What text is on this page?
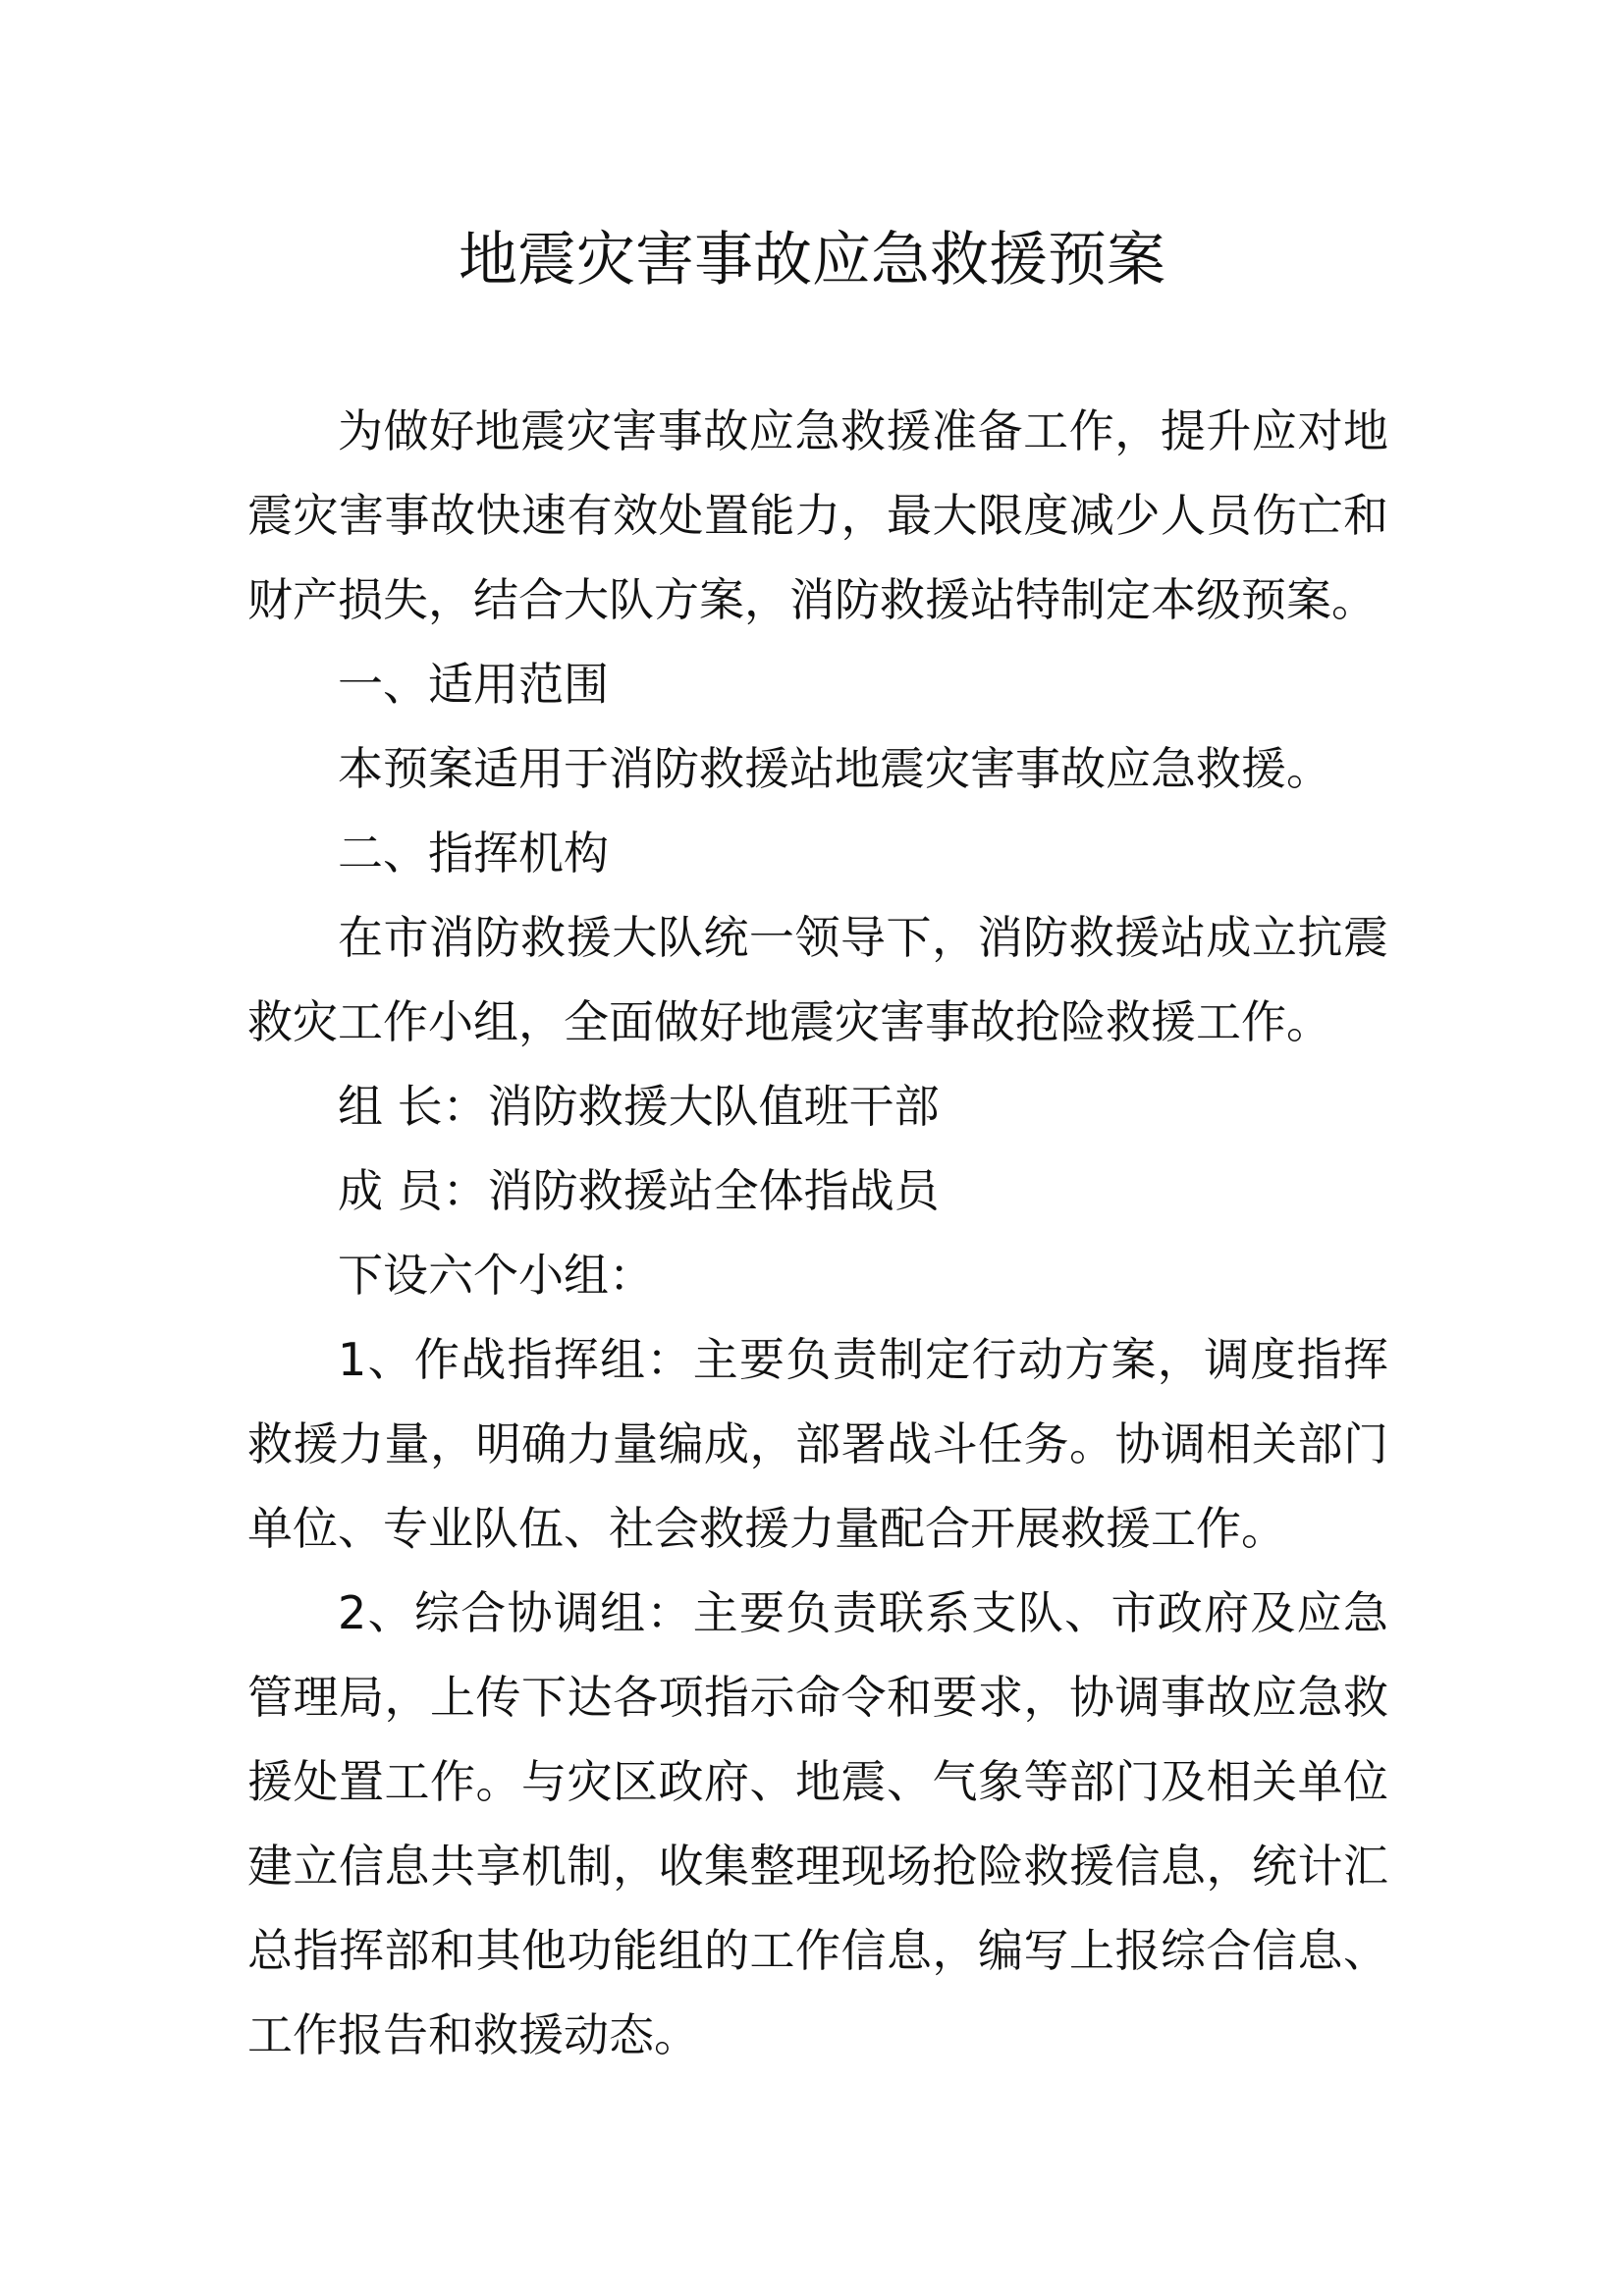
地震灾害事故应急救援预案

为做好地震灾害事故应急救援准备工作，提升应对地震灾害事故快速有效处置能力，最大限度减少人员伤亡和财产损失，结合大队方案，消防救援站特制定本级预案。

一、适用范围

本预案适用于消防救援站地震灾害事故应急救援。

二、指挥机构

在市消防救援大队统一领导下，消防救援站成立抗震救灾工作小组，全面做好地震灾害事故抢险救援工作。

组 长：消防救援大队值班干部

成 员：消防救援站全体指战员

下设六个小组：

1、作战指挥组：主要负责制定行动方案，调度指挥救援力量，明确力量编成，部署战斗任务。协调相关部门单位、专业队伍、社会救援力量配合开展救援工作。

2、综合协调组：主要负责联系支队、市政府及应急管理局，上传下达各项指示命令和要求，协调事故应急救援处置工作。与灾区政府、地震、气象等部门及相关单位建立信息共享机制，收集整理现场抢险救援信息，统计汇总指挥部和其他功能组的工作信息，编写上报综合信息、工作报告和救援动态。
